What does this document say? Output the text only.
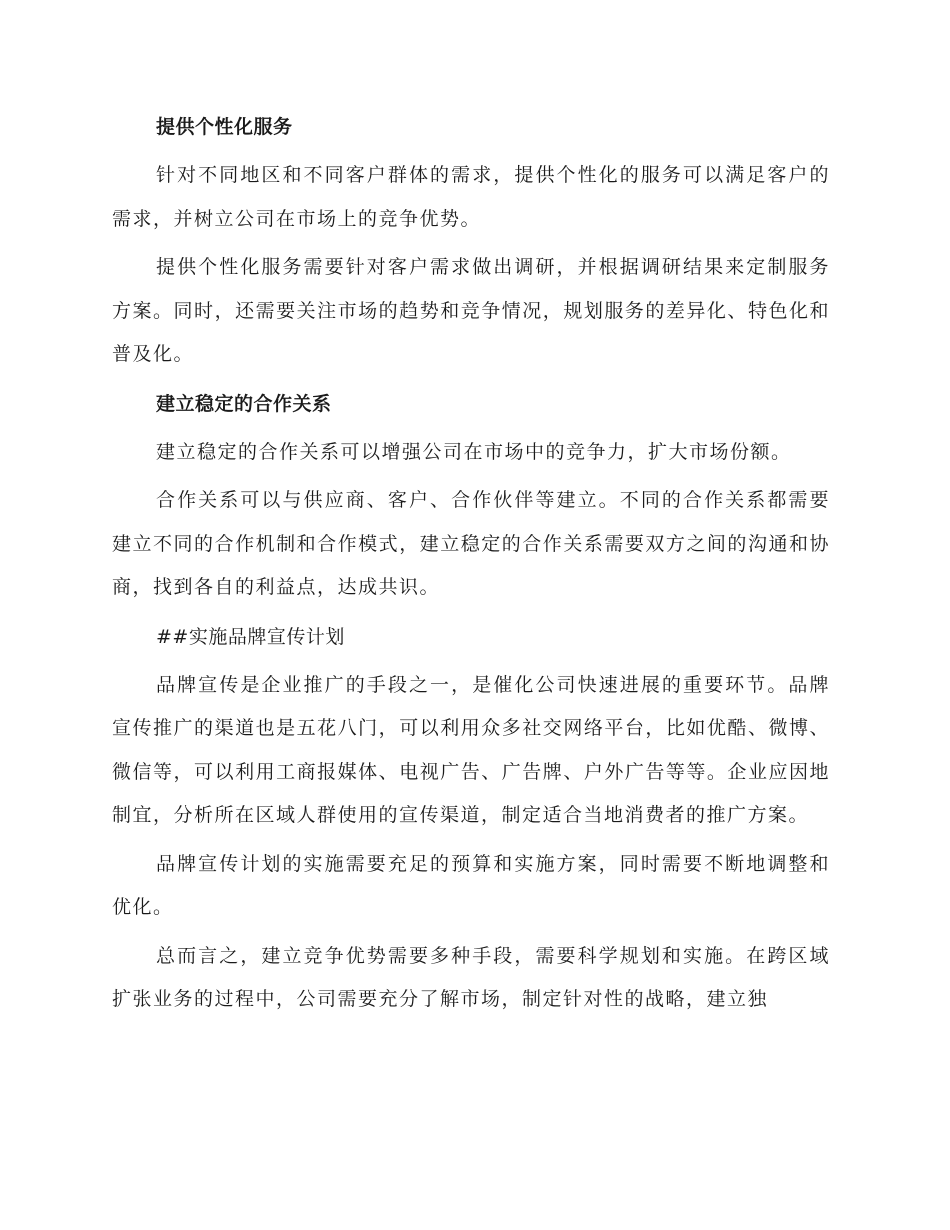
提供个性化服务

针对不同地区和不同客户群体的需求，提供个性化的服务可以满足客户的需求，并树立公司在市场上的竞争优势。

提供个性化服务需要针对客户需求做出调研，并根据调研结果来定制服务方案。同时，还需要关注市场的趋势和竞争情况，规划服务的差异化、特色化和普及化。

建立稳定的合作关系

建立稳定的合作关系可以增强公司在市场中的竞争力，扩大市场份额。

合作关系可以与供应商、客户、合作伙伴等建立。不同的合作关系都需要建立不同的合作机制和合作模式，建立稳定的合作关系需要双方之间的沟通和协商，找到各自的利益点，达成共识。

##实施品牌宣传计划

品牌宣传是企业推广的手段之一，是催化公司快速进展的重要环节。品牌宣传推广的渠道也是五花八门，可以利用众多社交网络平台，比如优酷、微博、微信等，可以利用工商报媒体、电视广告、广告牌、户外广告等等。企业应因地制宜，分析所在区域人群使用的宣传渠道，制定适合当地消费者的推广方案。

品牌宣传计划的实施需要充足的预算和实施方案，同时需要不断地调整和优化。

总而言之，建立竞争优势需要多种手段，需要科学规划和实施。在跨区域扩张业务的过程中，公司需要充分了解市场，制定针对性的战略，建立独
